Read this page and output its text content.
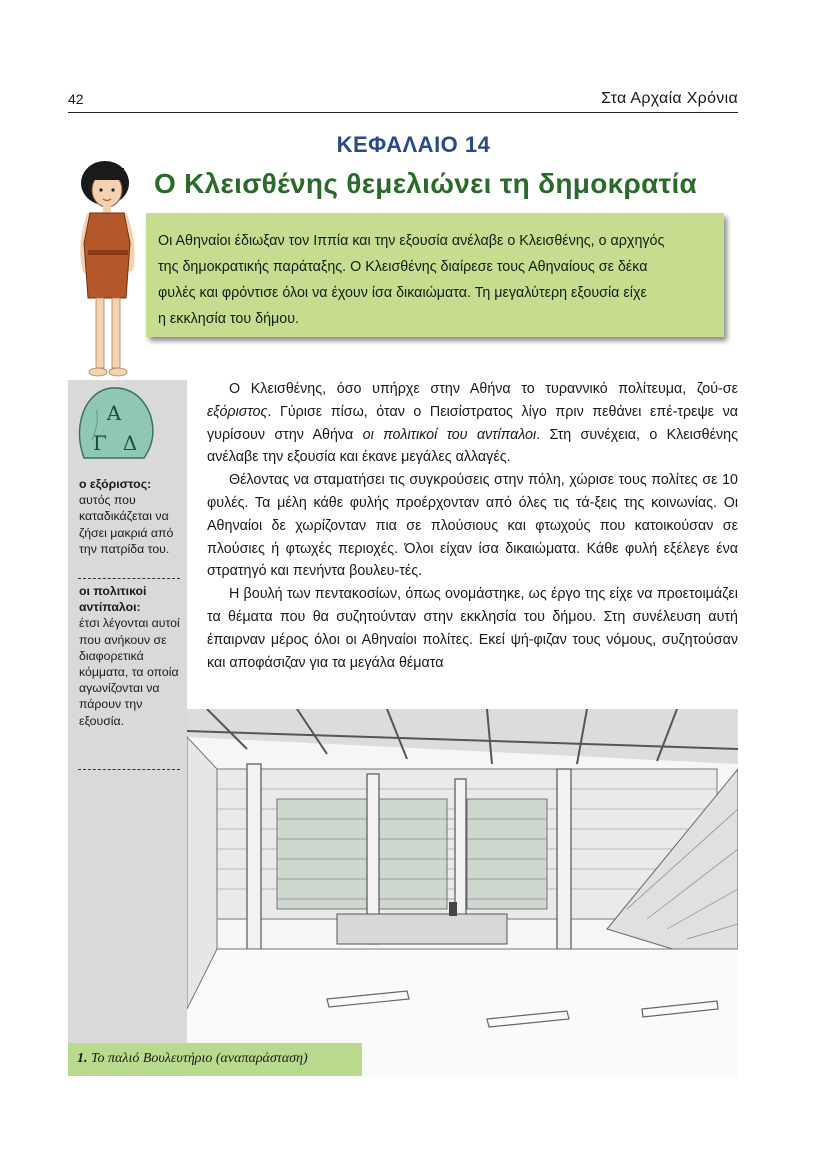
42	Στα Αρχαία Χρόνια
ΚΕΦΑΛΑΙΟ 14
Ο Κλεισθένης θεμελιώνει τη δημοκρατία
Οι Αθηναίοι έδιωξαν τον Ιππία και την εξουσία ανέλαβε ο Κλεισθένης, ο αρχηγός
της δημοκρατικής παράταξης. Ο Κλεισθένης διαίρεσε τους Αθηναίους σε δέκα
φυλές και φρόντισε όλοι να έχουν ίσα δικαιώματα. Τη μεγαλύτερη εξουσία είχε
η εκκλησία του δήμου.
Α
Γ Δ
ο εξόριστος:
αυτός που καταδικάζεται να ζήσει μακριά από την πατρίδα του.
οι πολιτικοί αντίπαλοι:
έτσι λέγονται αυτοί που ανήκουν σε διαφορετικά κόμματα, τα οποία αγωνίζονται να πάρουν την εξουσία.

Ο Κλεισθένης, όσο υπήρχε στην Αθήνα το τυραννικό πολίτευμα, ζού-σε εξόριστος. Γύρισε πίσω, όταν ο Πεισίστρατος λίγο πριν πεθάνει επέ-τρεψε να γυρίσουν στην Αθήνα οι πολιτικοί του αντίπαλοι. Στη συνέχεια, ο Κλεισθένης ανέλαβε την εξουσία και έκανε μεγάλες αλλαγές.

Θέλοντας να σταματήσει τις συγκρούσεις στην πόλη, χώρισε τους πολίτες σε 10 φυλές. Τα μέλη κάθε φυλής προέρχονταν από όλες τις τά-ξεις της κοινωνίας. Οι Αθηναίοι δε χωρίζονταν πια σε πλούσιους και φτωχούς που κατοικούσαν σε πλούσιες ή φτωχές περιοχές. Όλοι είχαν ίσα δικαιώματα. Κάθε φυλή εξέλεγε ένα στρατηγό και πενήντα βουλευ-τές.

Η βουλή των πεντακοσίων, όπως ονομάστηκε, ως έργο της είχε να προετοιμάζει τα θέματα που θα συζητούνταν στην εκκλησία του δήμου. Στη συνέλευση αυτή έπαιρναν μέρος όλοι οι Αθηναίοι πολίτες. Εκεί ψή-φιζαν τους νόμους, συζητούσαν και αποφάσιζαν για τα μεγάλα θέματα

1. Το παλιό Βουλευτήριο (αναπαράσταση)
